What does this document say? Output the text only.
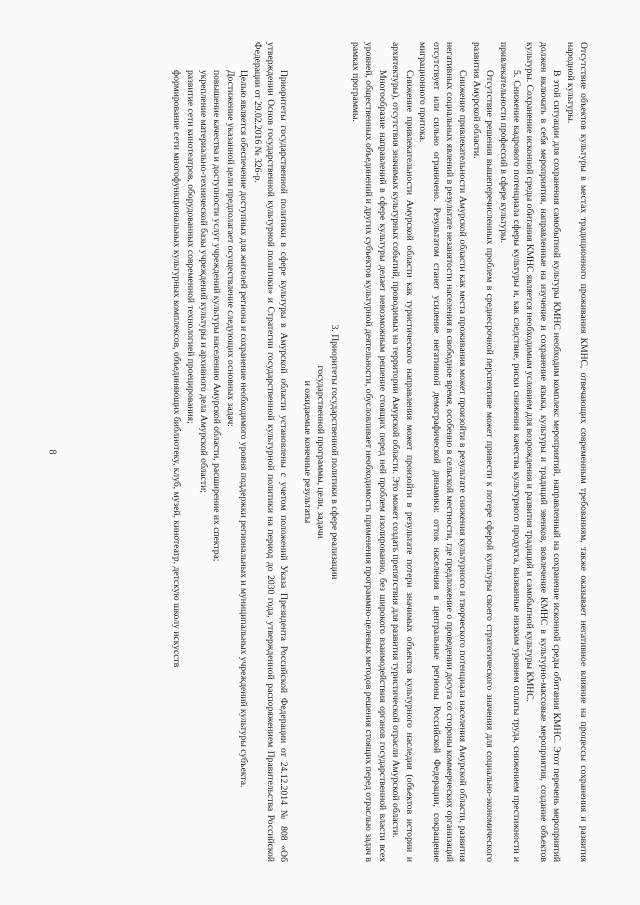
8	Отсутствие объектов культуры в местах традиционного проживания КМНС, отвечающих современным требованиям, также оказывает негативное влияние на процессы сохранения и развития народной культуры.

В этой ситуации для сохранения самобытной культуры КМНС необходим комплекс мероприятий, направленный на сохранение исконной среды обитания КМНС. Этот перечень мероприятий должен включать в себя мероприятия, направленные на изучение и сохранение языка, культуры и традиций эвенков, вовлечение КМНС в культурно-массовые мероприятия, создание объектов культуры. Сохранение исконной среды обитания КМНС является необходимым условием для возрождения и развития традиций и самобытной культуры КМНС.

5. Снижение кадрового потенциала сферы культуры и, как следствие, риски снижения качества культурного продукта, вызванные низким уровнем оплаты труда, снижением престижности и привлекательности профессий в сфере культуры.

Отсутствие решения вышеперечисленных проблем в среднесрочной перспективе может привести к потере сферой культуры своего стратегического значения для социально-экономического развития Амурской области.

Снижение привлекательности Амурской области как места проживания может произойти в результате снижения культурного и творческого потенциала населения Амурской области, развития негативных социальных явлений в результате незанятости населения в свободное время, особенно в сельской местности, где предложение о проведении досуга со стороны коммерческих организаций отсутствует или сильно ограничено. Результатом станет усиление негативной демографической динамики: отток населения в центральные регионы Российской Федерации, сокращение миграционного притока.

Снижение привлекательности Амурской области как туристического направления может произойти в результате потери значимых объектов культурного наследия (объектов истории и архитектуры), отсутствия значимых культурных событий, проводимых на территории Амурской области. Это может создать препятствия для развития туристической отрасли Амурской области.

Многообразие направлений в сфере культуры делает невозможным решение стоящих перед ней проблем изолированно, без широкого взаимодействия органов государственной власти всех уровней, общественных объединений и других субъектов культурной деятельности, обусловливает необходимость применения программно-целевых методов решения стоящих перед отраслью задач в рамках программы.

3. Приоритеты государственной политики в сфере реализации
государственной программы, цели, задачи
и ожидаемые конечные результаты

Приоритеты государственной политики в сфере культуры в Амурской области установлены с учетом положений Указа Президента Российской Федерации от 24.12.2014 № 808 «Об утверждении Основ государственной культурной политики» и Стратегии государственной культурной политики на период до 2030 года, утвержденной распоряжением Правительства Российской Федерации от 29.02.2016 № 326-р.

Целью является обеспечение доступных для жителей региона и сохранение необходимого уровня поддержки региональных и муниципальных учреждений культуры субъекта.

Достижение указанной цели предполагает осуществление следующих основных задач:

повышение качества и доступности услуг учреждений культуры населению Амурской области, расширение их спектра;

укрепление материально-технической базы учреждений культуры и архивного дела Амурской области;

развитие сети кинотеатров, оборудованных современной технологией проецирования;

формирование сети многофункциональных культурных комплексов, объединяющих библиотеку, клуб, музей, кинотеатр, детскую школу искусств
